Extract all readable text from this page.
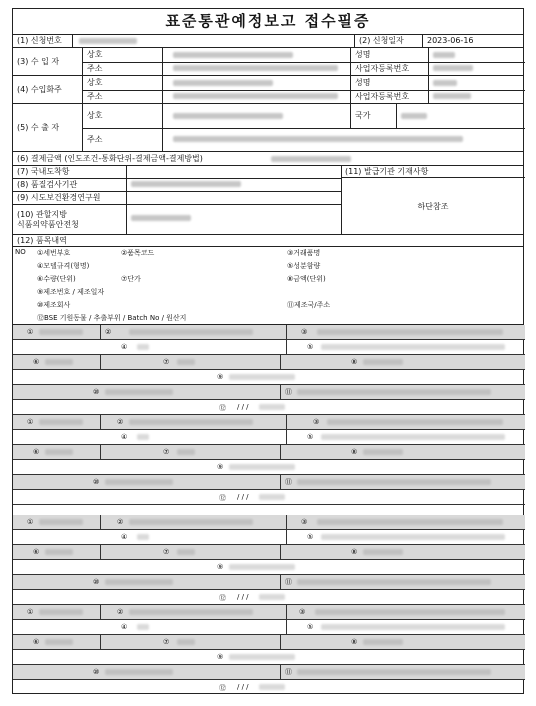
표준통관예정보고 접수필증
(1) 신청번호	(2) 신청일자	2023-06-16
(3) 수 입 자
상호	성명
주소	사업자등록번호
(4) 수입화주
상호	성명
주소	사업자등록번호
(5) 수 출 자
상호	국가
주소
(6) 결제금액 (인도조건-통화단위-결제금액-결제방법)
(7) 국내도착항
(8) 품질검사기관
(9) 시도보건환경연구원
(10) 관할지방
식품의약품안전청
(11) 발급기관 기재사항
하단참조
(12) 품목내역
NO ①세번부호	②품목코드	③거래품명
④모델규격(형명)	⑤성분함량
⑥수량(단위)	⑦단가	⑧금액(단위)
⑨제조번호 / 제조일자
⑩제조회사	⑪제조국/주소
⑫BSE 기원동물 / 추출부위 / Batch No / 원산지
①	②	③
④	⑤
⑥	⑦	⑧
⑨
⑩	⑪
⑫ / / /
①	②	③
④	⑤
⑥	⑦	⑧
⑨
⑩	⑪
⑫ / / /
①	②	③
④	⑤
⑥	⑦	⑧
⑨
⑩	⑪
⑫ / / /
①	②	③
④	⑤
⑥	⑦	⑧
⑨
⑩	⑪
⑫ / / /
